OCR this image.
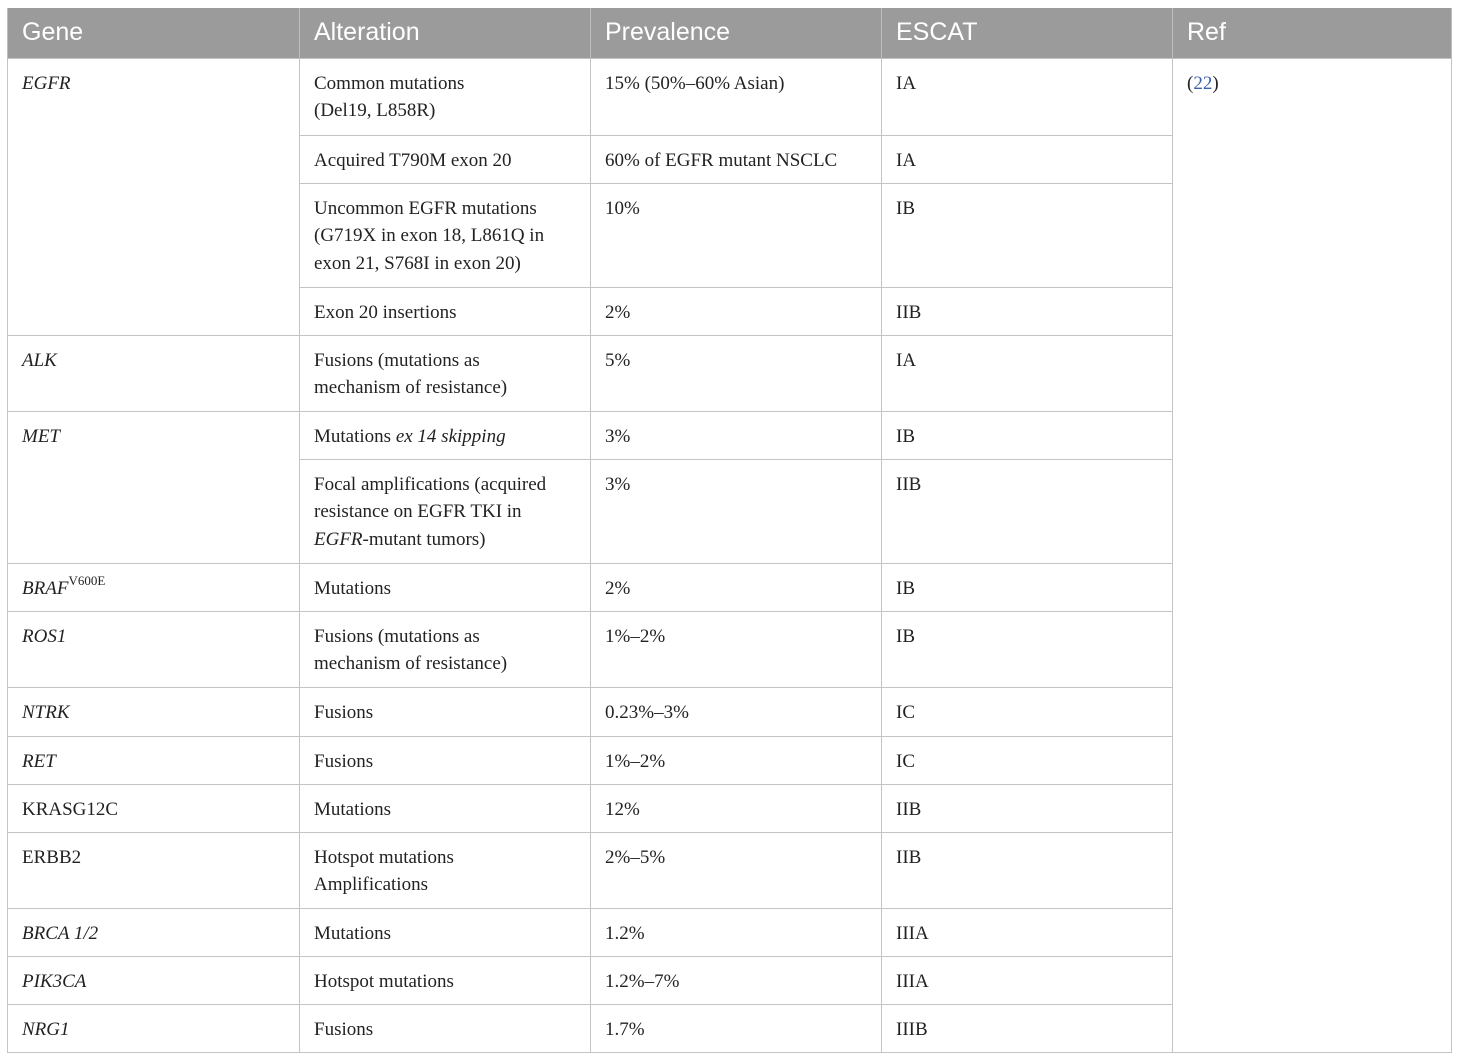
Gene	Alteration	Prevalence	ESCAT	Ref
EGFR	Common mutations
(Del19, L858R)	15% (50%–60% Asian)	IA	(22)
	Acquired T790M exon 20	60% of EGFR mutant NSCLC	IA	
	Uncommon EGFR mutations
(G719X in exon 18, L861Q in
exon 21, S768I in exon 20)	10%	IB	
	Exon 20 insertions	2%	IIB	
ALK	Fusions (mutations as
mechanism of resistance)	5%	IA	
MET	Mutations ex 14 skipping	3%	IB	
	Focal amplifications (acquired
resistance on EGFR TKI in
EGFR-mutant tumors)	3%	IIB	
$BRAF^{V600E}$	Mutations	2%	IB	
ROS1	Fusions (mutations as
mechanism of resistance)	1%–2%	IB	
NTRK	Fusions	0.23%–3%	IC	
RET	Fusions	1%–2%	IC	
KRASG12C	Mutations	12%	IIB	
ERBB2	Hotspot mutations
Amplifications	2%–5%	IIB	
BRCA 1/2	Mutations	1.2%	IIIA	
PIK3CA	Hotspot mutations	1.2%–7%	IIIA	
NRG1	Fusions	1.7%	IIIB	
